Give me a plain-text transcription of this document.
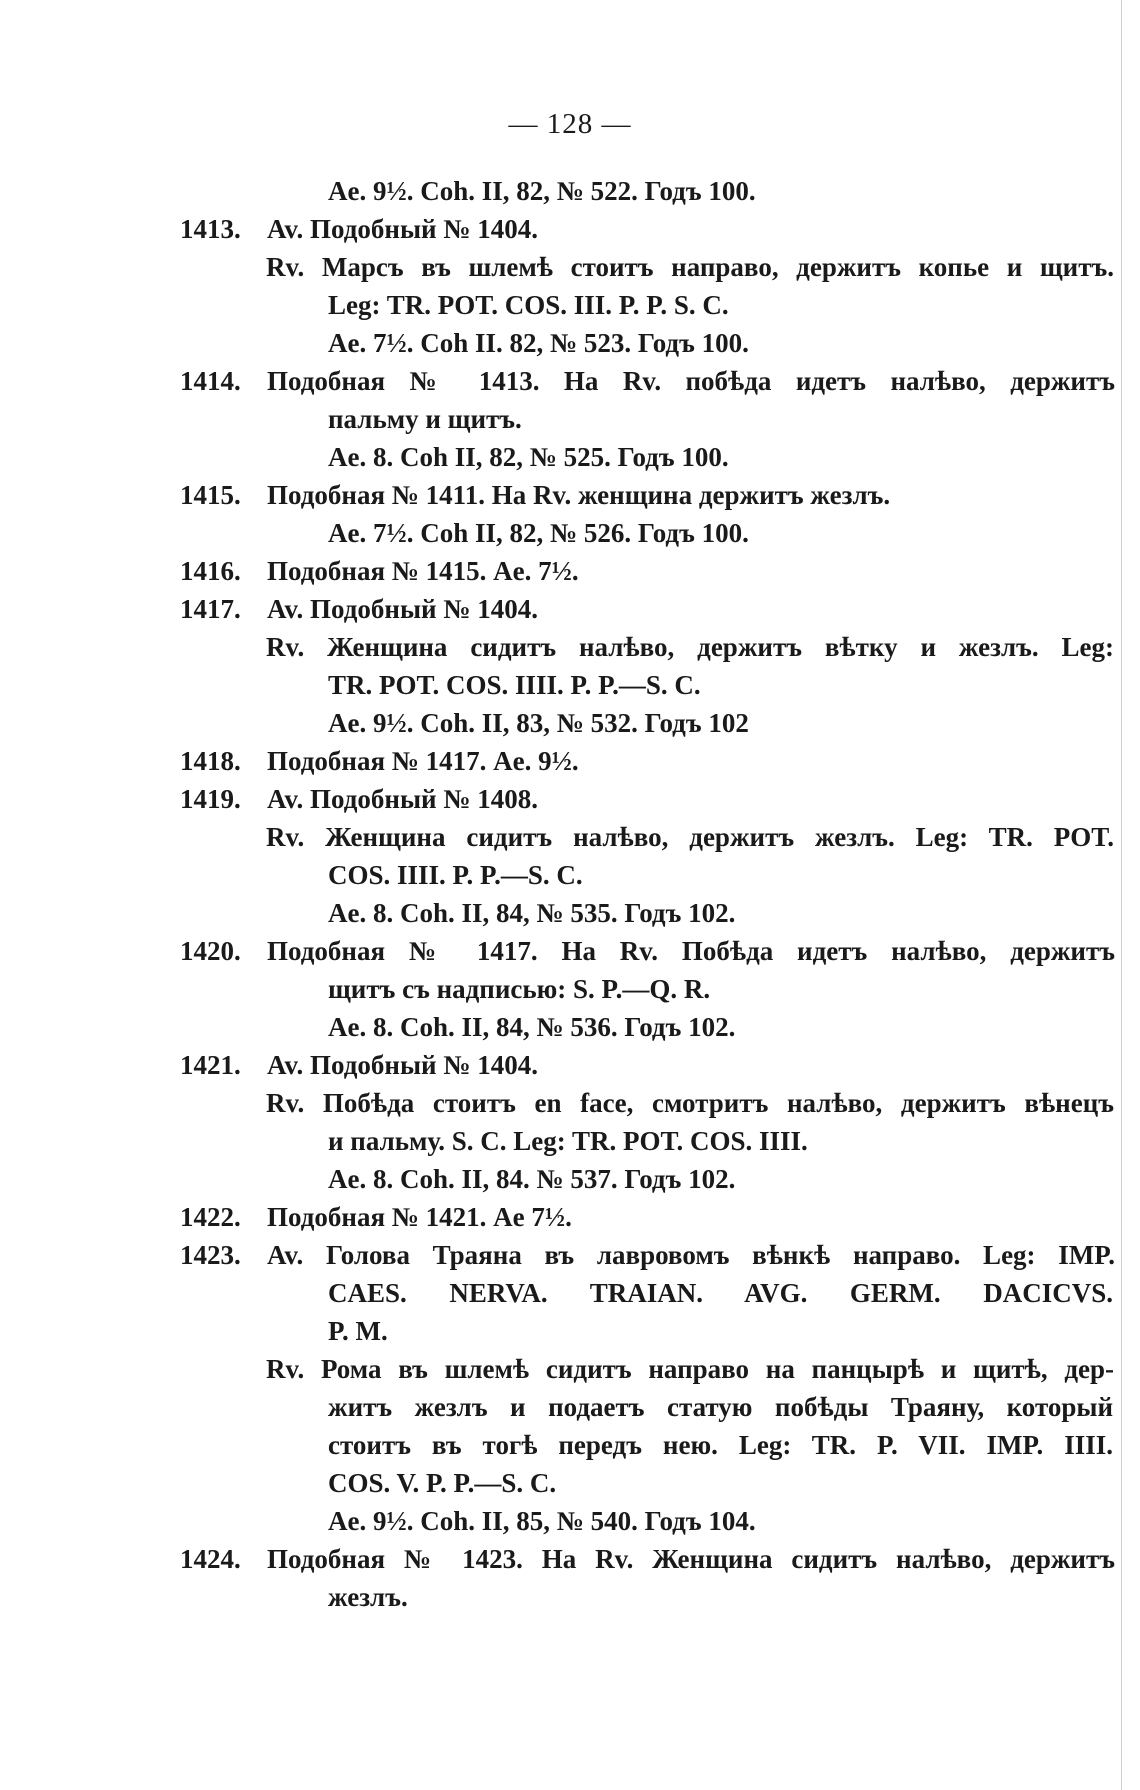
— 128 —
Ae. 9½. Coh. II, 82, № 522. Годъ 100.
1413. Av. Подобный № 1404.
Rv. Марсъ въ шлемѣ стоитъ направо, держитъ копье и щитъ.
Leg: TR. POT. COS. III. P. P. S. C.
Ae. 7½. Coh II. 82, № 523. Годъ 100.
1414. Подобная № 1413. На Rv. побѣда идетъ налѣво, держитъ
пальму и щитъ.
Ae. 8. Coh II, 82, № 525. Годъ 100.
1415. Подобная № 1411. На Rv. женщина держитъ жезлъ.
Ae. 7½. Coh II, 82, № 526. Годъ 100.
1416. Подобная № 1415. Ae. 7½.
1417. Av. Подобный № 1404.
Rv. Женщина сидитъ налѣво, держитъ вѣтку и жезлъ. Leg:
TR. POT. COS. IIII. P. P.—S. C.
Ae. 9½. Coh. II, 83, № 532. Годъ 102
1418. Подобная № 1417. Ae. 9½.
1419. Av. Подобный № 1408.
Rv. Женщина сидитъ налѣво, держитъ жезлъ. Leg: TR. POT.
COS. IIII. P. P.—S. C.
Ae. 8. Coh. II, 84, № 535. Годъ 102.
1420. Подобная № 1417. На Rv. Побѣда идетъ налѣво, держитъ
щитъ съ надписью: S. P.—Q. R.
Ae. 8. Coh. II, 84, № 536. Годъ 102.
1421. Av. Подобный № 1404.
Rv. Побѣда стоитъ en face, смотритъ налѣво, держитъ вѣнецъ
и пальму. S. C. Leg: TR. POT. COS. IIII.
Ae. 8. Coh. II, 84. № 537. Годъ 102.
1422. Подобная № 1421. Ae 7½.
1423. Av. Голова Траяна въ лавровомъ вѣнкѣ направо. Leg: IMP.
CAES. NERVA. TRAIAN. AVG. GERM. DACICVS.
P. M.
Rv. Рома въ шлемѣ сидитъ направо на панцырѣ и щитѣ, дер-
житъ жезлъ и подаетъ статую побѣды Траяну, который
стоитъ въ тогѣ передъ нею. Leg: TR. P. VII. IMP. IIII.
COS. V. P. P.—S. C.
Ae. 9½. Coh. II, 85, № 540. Годъ 104.
1424. Подобная № 1423. На Rv. Женщина сидитъ налѣво, держитъ
жезлъ.
